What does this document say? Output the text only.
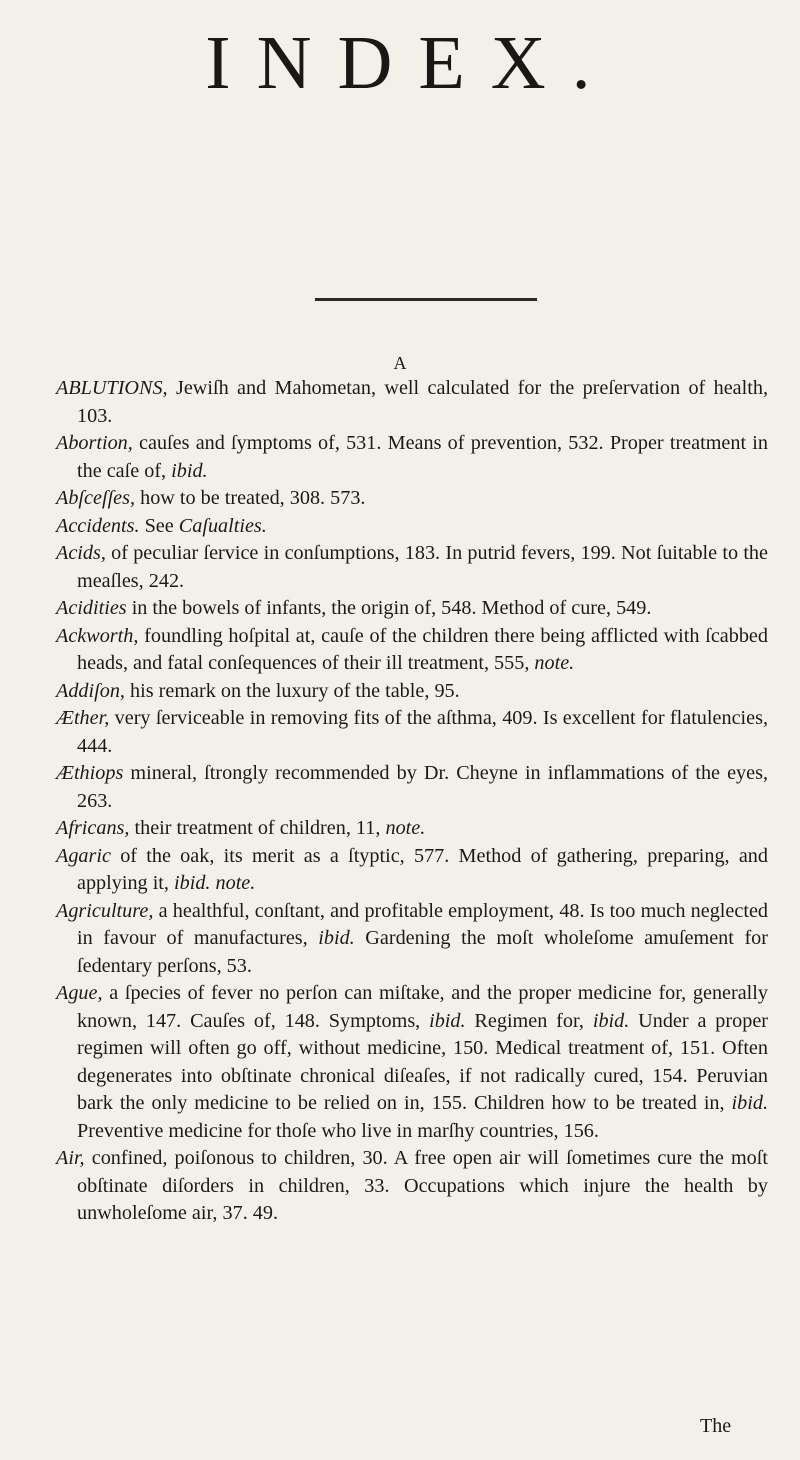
INDEX.
A
ABLUTIONS, Jewiſh and Mahometan, well calculated for the preſervation of health, 103.
Abortion, cauſes and ſymptoms of, 531. Means of prevention, 532. Proper treatment in the caſe of, ibid.
Abſceſſes, how to be treated, 308. 573.
Accidents. See Caſualties.
Acids, of peculiar ſervice in conſumptions, 183. In putrid fevers, 199. Not ſuitable to the meaſles, 242.
Acidities in the bowels of infants, the origin of, 548. Method of cure, 549.
Ackworth, foundling hoſpital at, cauſe of the children there being afflicted with ſcabbed heads, and fatal conſequences of their ill treatment, 555, note.
Addiſon, his remark on the luxury of the table, 95.
Æther, very ſerviceable in removing fits of the aſthma, 409. Is excellent for flatulencies, 444.
Æthiops mineral, ſtrongly recommended by Dr. Cheyne in inflammations of the eyes, 263.
Africans, their treatment of children, 11, note.
Agaric of the oak, its merit as a ſtyptic, 577. Method of gathering, preparing, and applying it, ibid. note.
Agriculture, a healthful, conſtant, and profitable employment, 48. Is too much neglected in favour of manufactures, ibid. Gardening the moſt wholeſome amuſement for ſedentary perſons, 53.
Ague, a ſpecies of fever no perſon can miſtake, and the proper medicine for, generally known, 147. Cauſes of, 148. Symptoms, ibid. Regimen for, ibid. Under a proper regimen will often go off, without medicine, 150. Medical treatment of, 151. Often degenerates into obſtinate chronical diſeaſes, if not radically cured, 154. Peruvian bark the only medicine to be relied on in, 155. Children how to be treated in, ibid. Preventive medicine for thoſe who live in marſhy countries, 156.
Air, confined, poiſonous to children, 30. A free open air will ſometimes cure the moſt obſtinate diſorders in children, 33. Occupations which injure the health by unwholeſome air, 37. 49.
The
